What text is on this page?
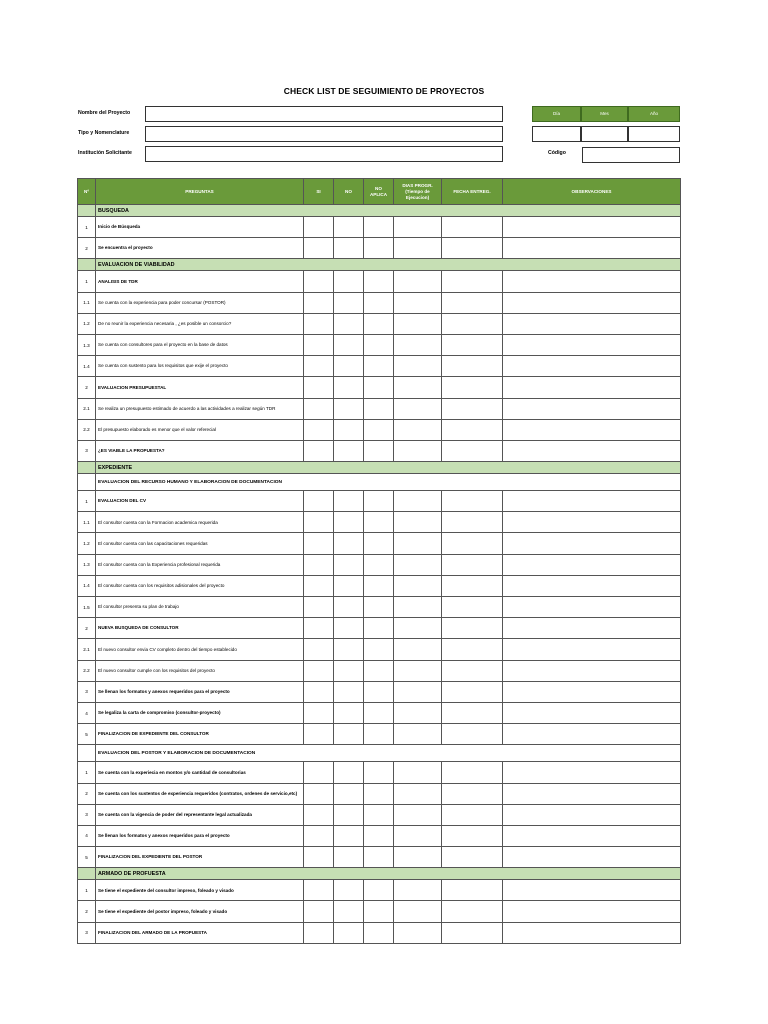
CHECK LIST DE SEGUIMIENTO DE PROYECTOS
Nombre del Proyecto
Tipo y Nomenclature
Institución Solicitante
Día	Mes	Año
Código
Nº	PREGUNTAS	SI	NO	NO APLICA	DIAS PROGR. (Tiempo de Ejecucion)	FECHA ENTREG.	OBSERVACIONES
	BUSQUEDA						
1	Inicio de Búsqueda						
2	Se encuentra el proyecto						
	EVALUACION DE VIABILIDAD						
1	ANALISIS DE TDR						
1.1	Se cuenta con la experiencia para poder concursar (POSTOR)						
1.2	De no reunir la experiencia necesaria , ¿es posible un consorcio?						
1.3	Se cuenta con consultores para el proyecto en la base de datos						
1.4	Se cuenta con sustento para los requisitos que exije el proyecto						
2	EVALUACION PRESUPUESTAL						
2.1	Se realiza un presupuesto estimado de acuerdo a las actividades a realizar según TDR						
2.2	El presupuesto elaborado es menor que el valor referecial						
3	¿ES VIABLE LA PROPUESTA?						
	EXPEDIENTE						
	EVALUACION DEL RECURSO HUMANO Y ELABORACION DE DOCUMENTACION						
1	EVALUACION DEL CV						
1.1	El consultor cuenta con la Formacion academica requerida						
1.2	El consultor cuenta con las capacitaciones requeridas						
1.3	El consultor cuenta con la Experiencia profesional requerida						
1.4	El consultor cuenta con los requisitos adisionales del proyecto						
1.5	El consultor presenta su plan de trabajo						
2	NUEVA BUSQUEDA DE CONSULTOR						
2.1	El nuevo consultor envia CV completo dentro del tiempo establecido						
2.2	El nuevo consultor cumple con los requisitos del proyecto						
3	Se llenan los formatos y anexos requeridos para el proyecto						
4	Se legaliza la carta de compromiso (consultor-proyecto)						
5	FINALIZACION DE EXPEDIENTE DEL CONSULTOR						
	EVALUACION DEL POSTOR Y ELABORACION DE DOCUMENTACION						
1	Se cuenta con la experiecia en montos y/o cantidad de consultorias						
2	Se cuenta con los sustentos de experiencia requeridos (contratos, ordenes de servicio,etc)						
3	Se cuenta con la vigencia de poder del representante legal actualizada						
4	Se llenan los formatos y anexos requeridos para el proyecto						
5	FINALIZACION DEL EXPEDIENTE DEL POSTOR						
	ARMADO DE PROFUESTA						
1	Se tiene el expediente del consultor impreso, foleado y visado						
2	Se tiene el expediente del postor impreso, foleado y visado						
3	FINALIZACION DEL ARMADO DE LA PROPUESTA						
